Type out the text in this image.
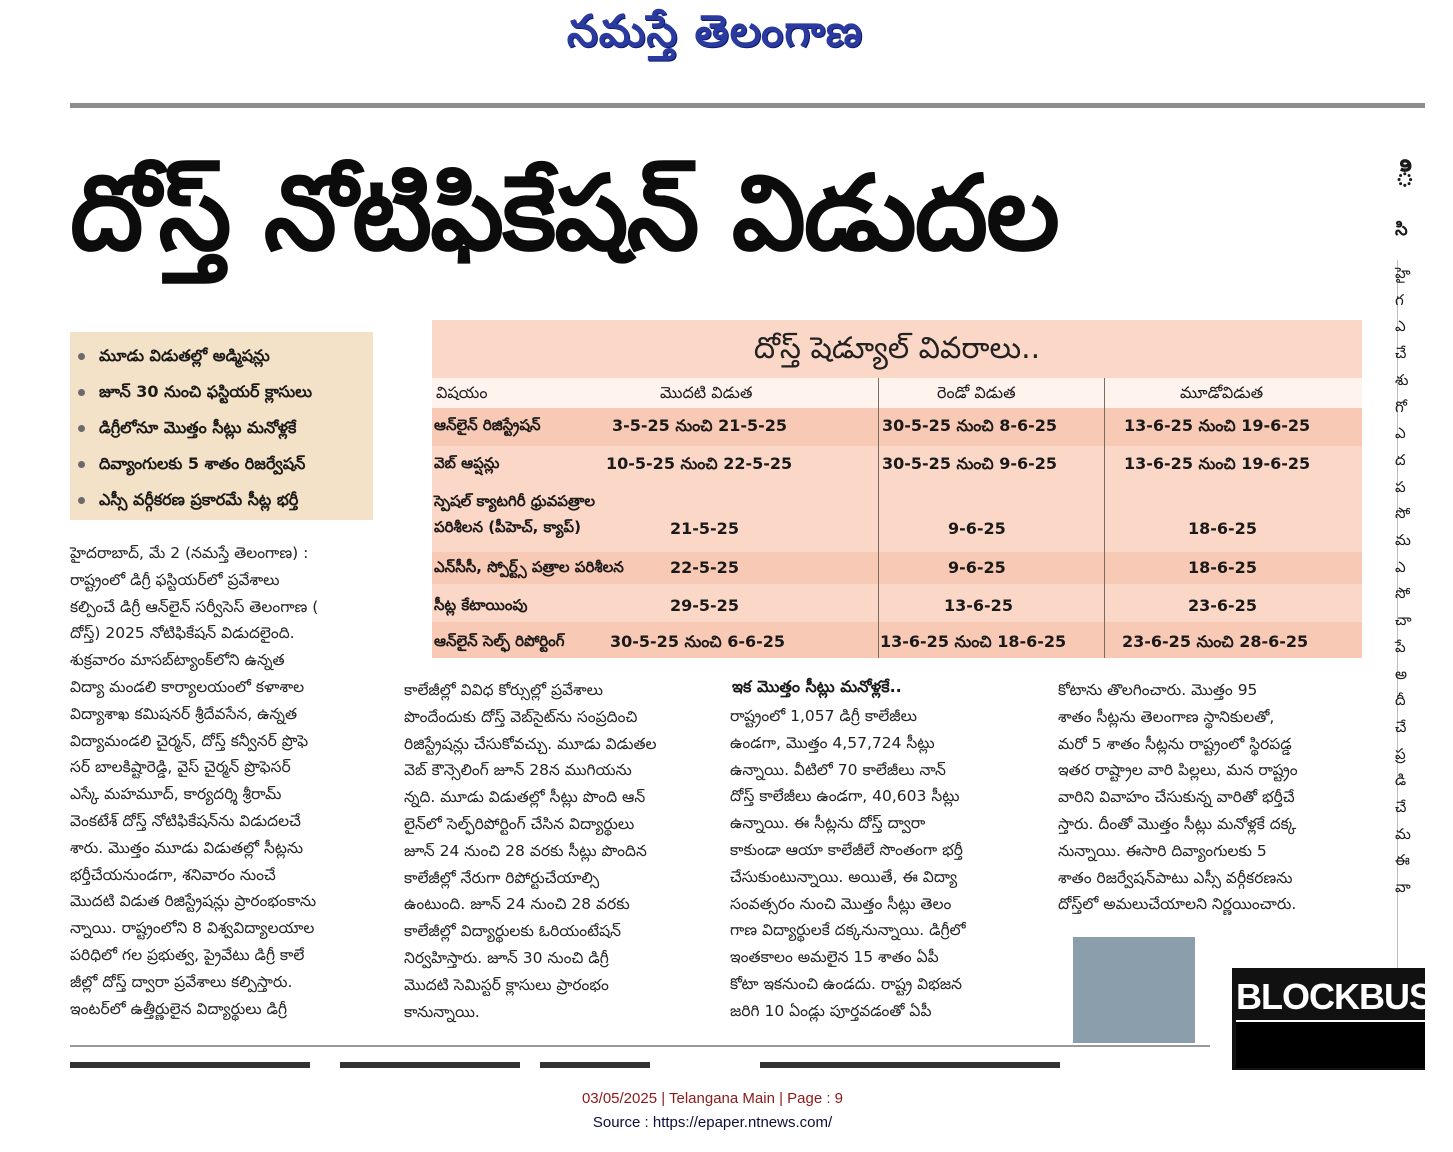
నమస్తే తెలంగాణ
దోస్త్ నోటిఫికేషన్ విడుదల	ి
సి
హై
గ
ఎ
చే
శు
గో
ఎ
ద
ప
సో
మ
ఎ
సో
చా
పే
అ
దీ
చే
ప్ర
డి
చే
మ
ఈ
వా
మూడు విడుతల్లో అడ్మిషన్లు
జూన్ 30 నుంచి ఫస్టియర్ క్లాసులు
డిగ్రీలోనూ మొత్తం సీట్లు మనోళ్లకే
దివ్యాంగులకు 5 శాతం రిజర్వేషన్
ఎస్సీ వర్గీకరణ ప్రకారమే సీట్ల భర్తీ
దోస్త్ షెడ్యూల్ వివరాలు..
విషయం	మొదటి విడుత	రెండో విడుత	మూడోవిడుత
ఆన్‌లైన్ రిజిస్ట్రేషన్	3-5-25 నుంచి 21-5-25	30-5-25 నుంచి 8-6-25	13-6-25 నుంచి 19-6-25
వెబ్ ఆప్షన్లు	10-5-25 నుంచి 22-5-25	30-5-25 నుంచి 9-6-25	13-6-25 నుంచి 19-6-25
స్పెషల్ క్యాటగిరీ ధ్రువపత్రాల
పరిశీలన (పీహెచ్, క్యాప్)	21-5-25	9-6-25	18-6-25
ఎన్‌సీసీ, స్పోర్ట్స్ పత్రాల పరిశీలన	22-5-25	9-6-25	18-6-25
సీట్ల కేటాయింపు	29-5-25	13-6-25	23-6-25
ఆన్‌లైన్ సెల్ఫ్ రిపోర్టింగ్	30-5-25 నుంచి 6-6-25	13-6-25 నుంచి 18-6-25	23-6-25 నుంచి 28-6-25
హైదరాబాద్, మే 2 (నమస్తే తెలంగాణ) :
రాష్ట్రంలో డిగ్రీ ఫస్టియర్‌లో ప్రవేశాలు
కల్పించే డిగ్రీ ఆన్‌లైన్ సర్వీసెస్ తెలంగాణ (
దోస్త్) 2025 నోటిఫికేషన్ విడుదలైంది.
శుక్రవారం మాసబ్‌ట్యాంక్‌లోని ఉన్నత
విద్యా మండలి కార్యాలయంలో కళాశాల
విద్యాశాఖ కమిషనర్ శ్రీదేవసేన, ఉన్నత
విద్యామండలి చైర్మన్, దోస్త్ కన్వీనర్ ప్రొఫె
సర్ బాలకిష్టారెడ్డి, వైస్ చైర్మన్ ప్రొఫెసర్
ఎస్కే మహమూద్, కార్యదర్శి శ్రీరామ్
వెంకటేశ్ దోస్త్ నోటిఫికేషన్‌ను విడుదలచే
శారు. మొత్తం మూడు విడుతల్లో సీట్లను
భర్తీచేయనుండగా, శనివారం నుంచే
మొదటి విడుత రిజిస్ట్రేషన్లు ప్రారంభంకాను
న్నాయి. రాష్ట్రంలోని 8 విశ్వవిద్యాలయాల
పరిధిలో గల ప్రభుత్వ, ప్రైవేటు డిగ్రీ కాలే
జీల్లో దోస్త్ ద్వారా ప్రవేశాలు కల్పిస్తారు.
ఇంటర్‌లో ఉత్తీర్ణులైన విద్యార్థులు డిగ్రీ
కాలేజీల్లో వివిధ కోర్సుల్లో ప్రవేశాలు
పొందేందుకు దోస్త్ వెబ్‌సైట్‌ను సంప్రదించి
రిజిస్ట్రేషన్లు చేసుకోవచ్చు. మూడు విడుతల
వెబ్ కౌన్సెలింగ్ జూన్ 28న ముగియను
న్నది. మూడు విడుతల్లో సీట్లు పొంది ఆన్
లైన్‌లో సెల్ఫ్‌రిపోర్టింగ్ చేసిన విద్యార్థులు
జూన్ 24 నుంచి 28 వరకు సీట్లు పొందిన
కాలేజీల్లో నేరుగా రిపోర్టుచేయాల్సి
ఉంటుంది. జూన్ 24 నుంచి 28 వరకు
కాలేజీల్లో విద్యార్థులకు ఓరియంటేషన్
నిర్వహిస్తారు. జూన్ 30 నుంచి డిగ్రీ
మొదటి సెమిస్టర్ క్లాసులు ప్రారంభం
కానున్నాయి.
ఇక మొత్తం సీట్లు మనోళ్లకే..
రాష్ట్రంలో 1,057 డిగ్రీ కాలేజీలు
ఉండగా, మొత్తం 4,57,724 సీట్లు
ఉన్నాయి. వీటిలో 70 కాలేజీలు నాన్
దోస్త్ కాలేజీలు ఉండగా, 40,603 సీట్లు
ఉన్నాయి. ఈ సీట్లను దోస్త్ ద్వారా
కాకుండా ఆయా కాలేజీలే సొంతంగా భర్తీ
చేసుకుంటున్నాయి. అయితే, ఈ విద్యా
సంవత్సరం నుంచి మొత్తం సీట్లు తెలం
గాణ విద్యార్థులకే దక్కనున్నాయి. డిగ్రీలో
ఇంతకాలం అమలైన 15 శాతం ఏపీ
కోటా ఇకనుంచి ఉండదు. రాష్ట్ర విభజన
జరిగి 10 ఏండ్లు పూర్తవడంతో ఏపీ
కోటాను తొలగించారు. మొత్తం 95
శాతం సీట్లను తెలంగాణ స్థానికులతో,
మరో 5 శాతం సీట్లను రాష్ట్రంలో స్థిరపడ్డ
ఇతర రాష్ట్రాల వారి పిల్లలు, మన రాష్ట్రం
వారిని వివాహం చేసుకున్న వారితో భర్తీచే
స్తారు. దీంతో మొత్తం సీట్లు మనోళ్లకే దక్క
నున్నాయి. ఈసారి దివ్యాంగులకు 5
శాతం రిజర్వేషన్‌పాటు ఎస్సీ వర్గీకరణను
దోస్త్‌లో అమలుచేయాలని నిర్ణయించారు.
BLOCKBUST
03/05/2025 | Telangana Main | Page : 9
Source : https://epaper.ntnews.com/
